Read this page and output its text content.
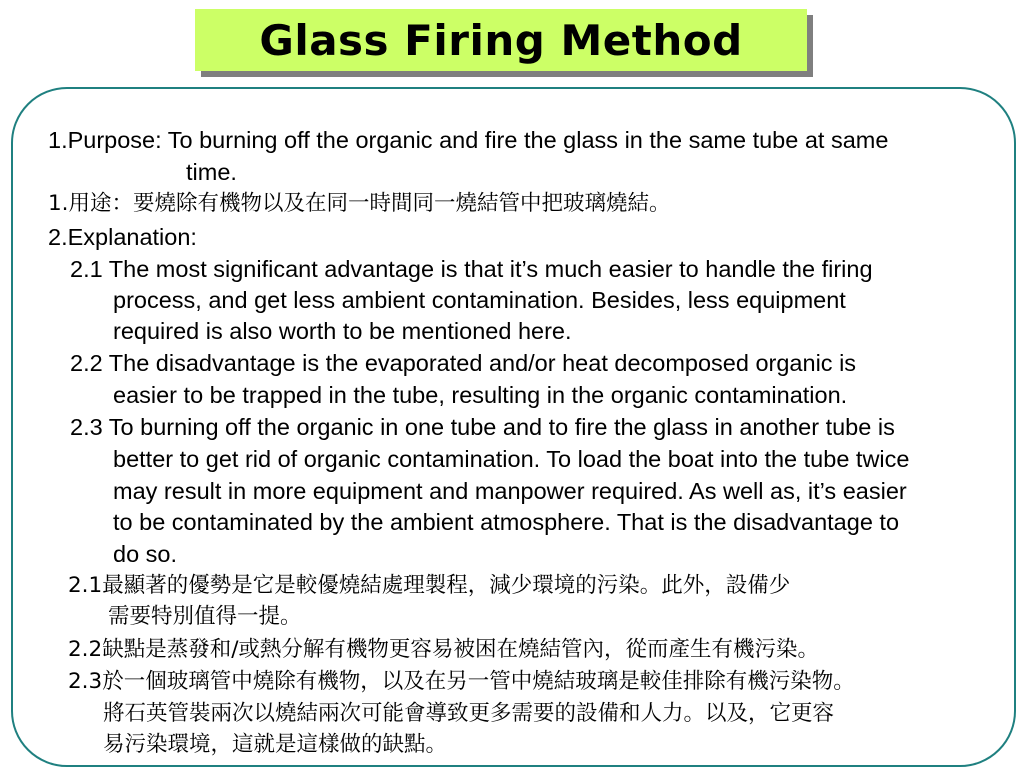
Glass Firing Method
1.Purpose: To burning off the organic and fire the glass in the same tube at same
time.
1.用途：要燒除有機物以及在同一時間同一燒結管中把玻璃燒結。
2.Explanation:
2.1 The most significant advantage is that it’s much easier to handle the firing
process, and get less ambient contamination. Besides, less equipment
required is also worth to be mentioned here.
2.2 The disadvantage is the evaporated and/or heat decomposed organic is
easier to be trapped in the tube, resulting in the organic contamination.
2.3 To burning off the organic in one tube and to fire the glass in another tube is
better to get rid of organic contamination. To load the boat into the tube twice
may result in more equipment and manpower required. As well as, it’s easier
to be contaminated by the ambient atmosphere. That is the disadvantage to
do so.
2.1最顯著的優勢是它是較優燒結處理製程，減少環境的污染。此外，設備少
需要特別值得一提。
2.2缺點是蒸發和/或熱分解有機物更容易被困在燒結管內，從而產生有機污染。
2.3於一個玻璃管中燒除有機物，以及在另一管中燒結玻璃是較佳排除有機污染物。
將石英管裝兩次以燒結兩次可能會導致更多需要的設備和人力。以及，它更容
易污染環境，這就是這樣做的缺點。
